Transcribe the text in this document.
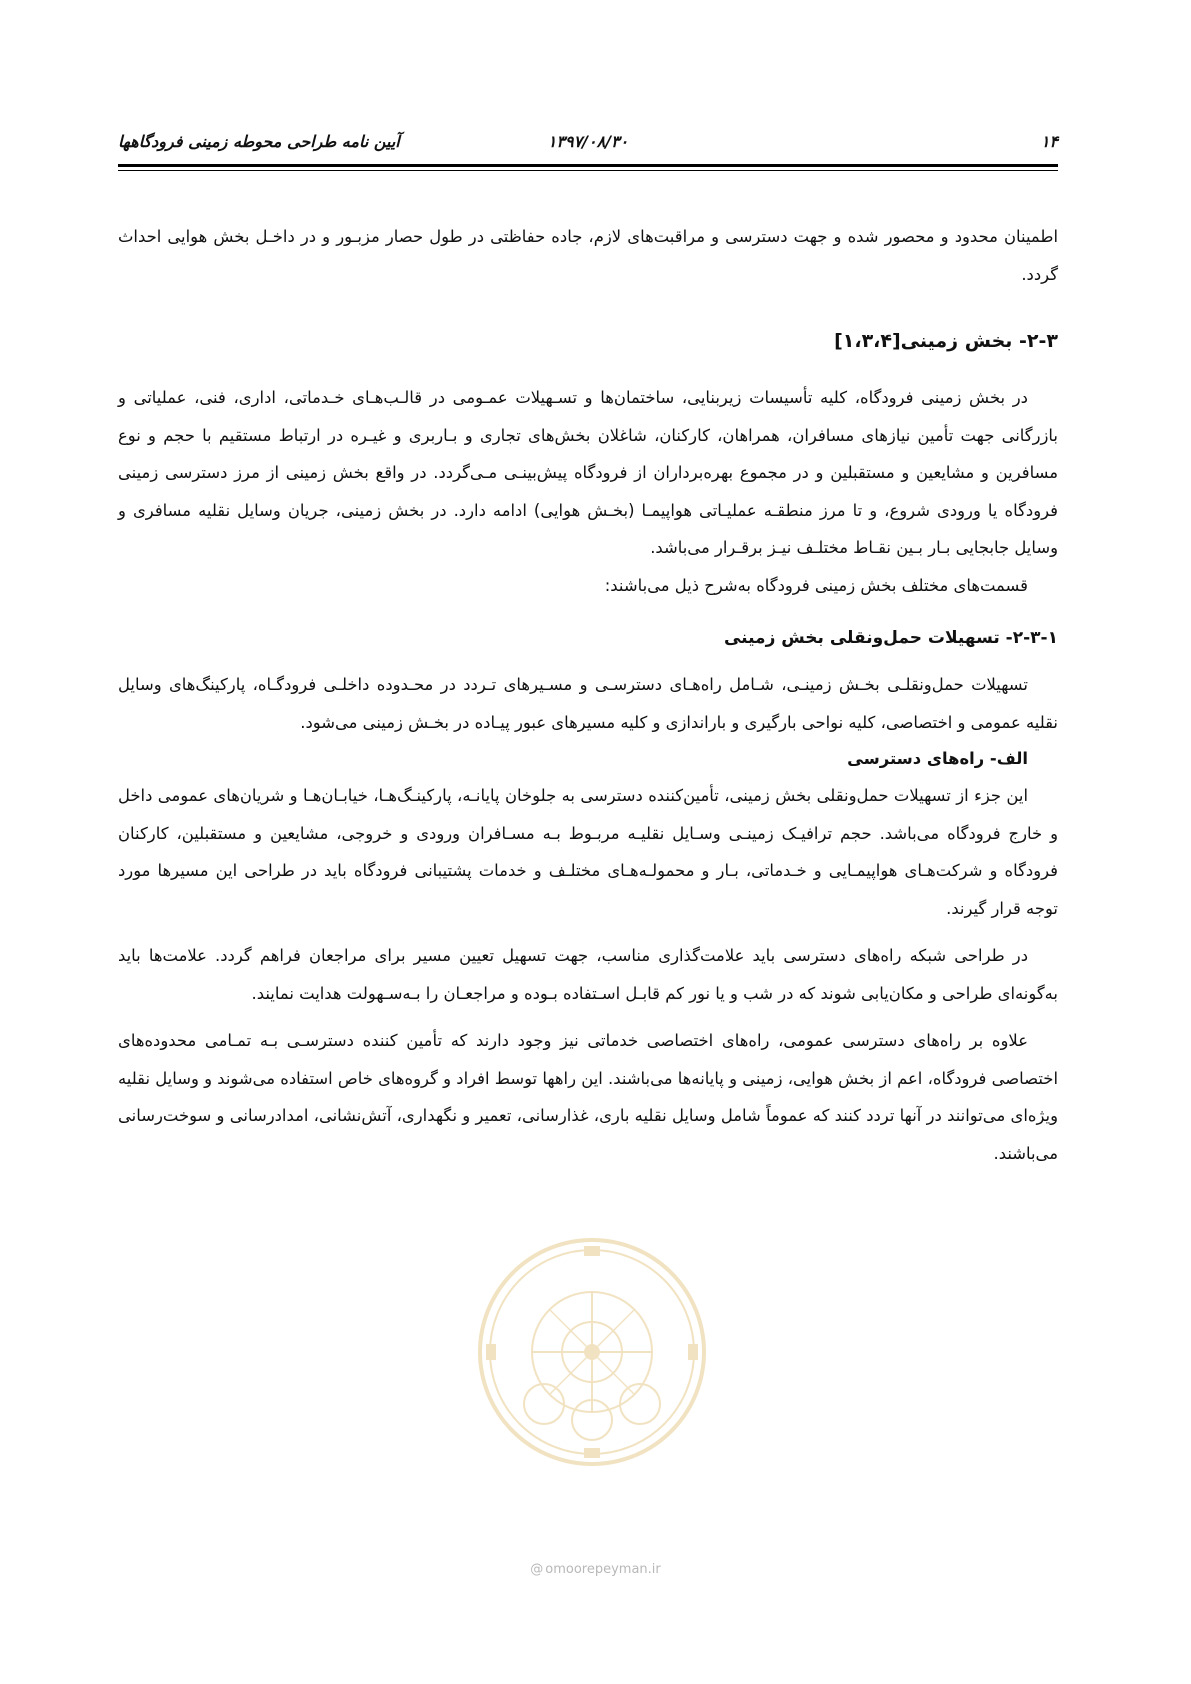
۱۴
۱۳۹۷/۰۸/۳۰
آیین نامه طراحی محوطه زمینی فرودگاهها

اطمینان محدود و محصور شده و جهت دسترسی و مراقبت‌های لازم، جاده حفاظتی در طول حصار مزبـور و در داخـل بخش هوایی احداث گردد.

۲-۳- بخش زمینی[۱،۳،۴]

در بخش زمینی فرودگاه، کلیه تأسیسات زیربنایی، ساختمان‌ها و تسـهیلات عمـومی در قالـب‌هـای خـدماتی، اداری، فنی، عملیاتی و بازرگانی جهت تأمین نیازهای مسافران، همراهان، کارکنان، شاغلان بخش‌های تجاری و بـاربری و غیـره در ارتباط مستقیم با حجم و نوع مسافرین و مشایعین و مستقبلین و در مجموع بهره‌برداران از فرودگاه پیش‌بینـی مـی‌گردد. در واقع بخش زمینی از مرز دسترسی زمینی فرودگاه یا ورودی شروع، و تا مرز منطقـه عملیـاتی هواپیمـا (بخـش هوایی) ادامه دارد. در بخش زمینی، جریان وسایل نقلیه مسافری و وسایل جابجایی بـار بـین نقـاط مختلـف نیـز برقـرار می‌باشد.

قسمت‌های مختلف بخش زمینی فرودگاه به‌شرح ذیل می‌باشند:

۲-۳-۱- تسهیلات حمل‌ونقلی بخش زمینی

تسهیلات حمل‌ونقلـی بخـش زمینـی، شـامل راه‌هـای دسترسـی و مسـیرهای تـردد در محـدوده داخلـی فرودگـاه، پارکینگ‌های وسایل نقلیه عمومی و اختصاصی، کلیه نواحی بارگیری و باراندازی و کلیه مسیرهای عبور پیـاده در بخـش زمینی می‌شود.

الف- راه‌های دسترسی

این جزء از تسهیلات حمل‌ونقلی بخش زمینی، تأمین‌کننده دسترسی به جلوخان پایانـه، پارکینـگ‌هـا، خیابـان‌هـا و شریان‌های عمومی داخل و خارج فرودگاه می‌باشد. حجم ترافیـک زمینـی وسـایل نقلیـه مربـوط بـه مسـافران ورودی و خروجی، مشایعین و مستقبلین، کارکنان فرودگاه و شرکت‌هـای هواپیمـایی و خـدماتی، بـار و محمولـه‌هـای مختلـف و خدمات پشتیبانی فرودگاه باید در طراحی این مسیرها مورد توجه قرار گیرند.

در طراحی شبکه راه‌های دسترسی باید علامت‌گذاری مناسب، جهت تسهیل تعیین مسیر برای مراجعان فراهم گردد. علامت‌ها باید به‌گونه‌ای طراحی و مکان‌یابی شوند که در شب و یا نور کم قابـل اسـتفاده بـوده و مراجعـان را بـه‌سـهولت هدایت نمایند.

علاوه بر راه‌های دسترسی عمومی، راه‌های اختصاصی خدماتی نیز وجود دارند که تأمین کننده دسترسـی بـه تمـامی محدوده‌های اختصاصی فرودگاه، اعم از بخش هوایی، زمینی و پایانه‌ها می‌باشند. این راهها توسط افراد و گروه‌های خاص استفاده می‌شوند و وسایل نقلیه ویژه‌ای می‌توانند در آنها تردد کنند که عموماً شامل وسایل نقلیه باری، غذارسانی، تعمیر و نگهداری، آتش‌نشانی، امدادرسانی و سوخت‌رسانی می‌باشند.

@ omoorepeyman.ir
